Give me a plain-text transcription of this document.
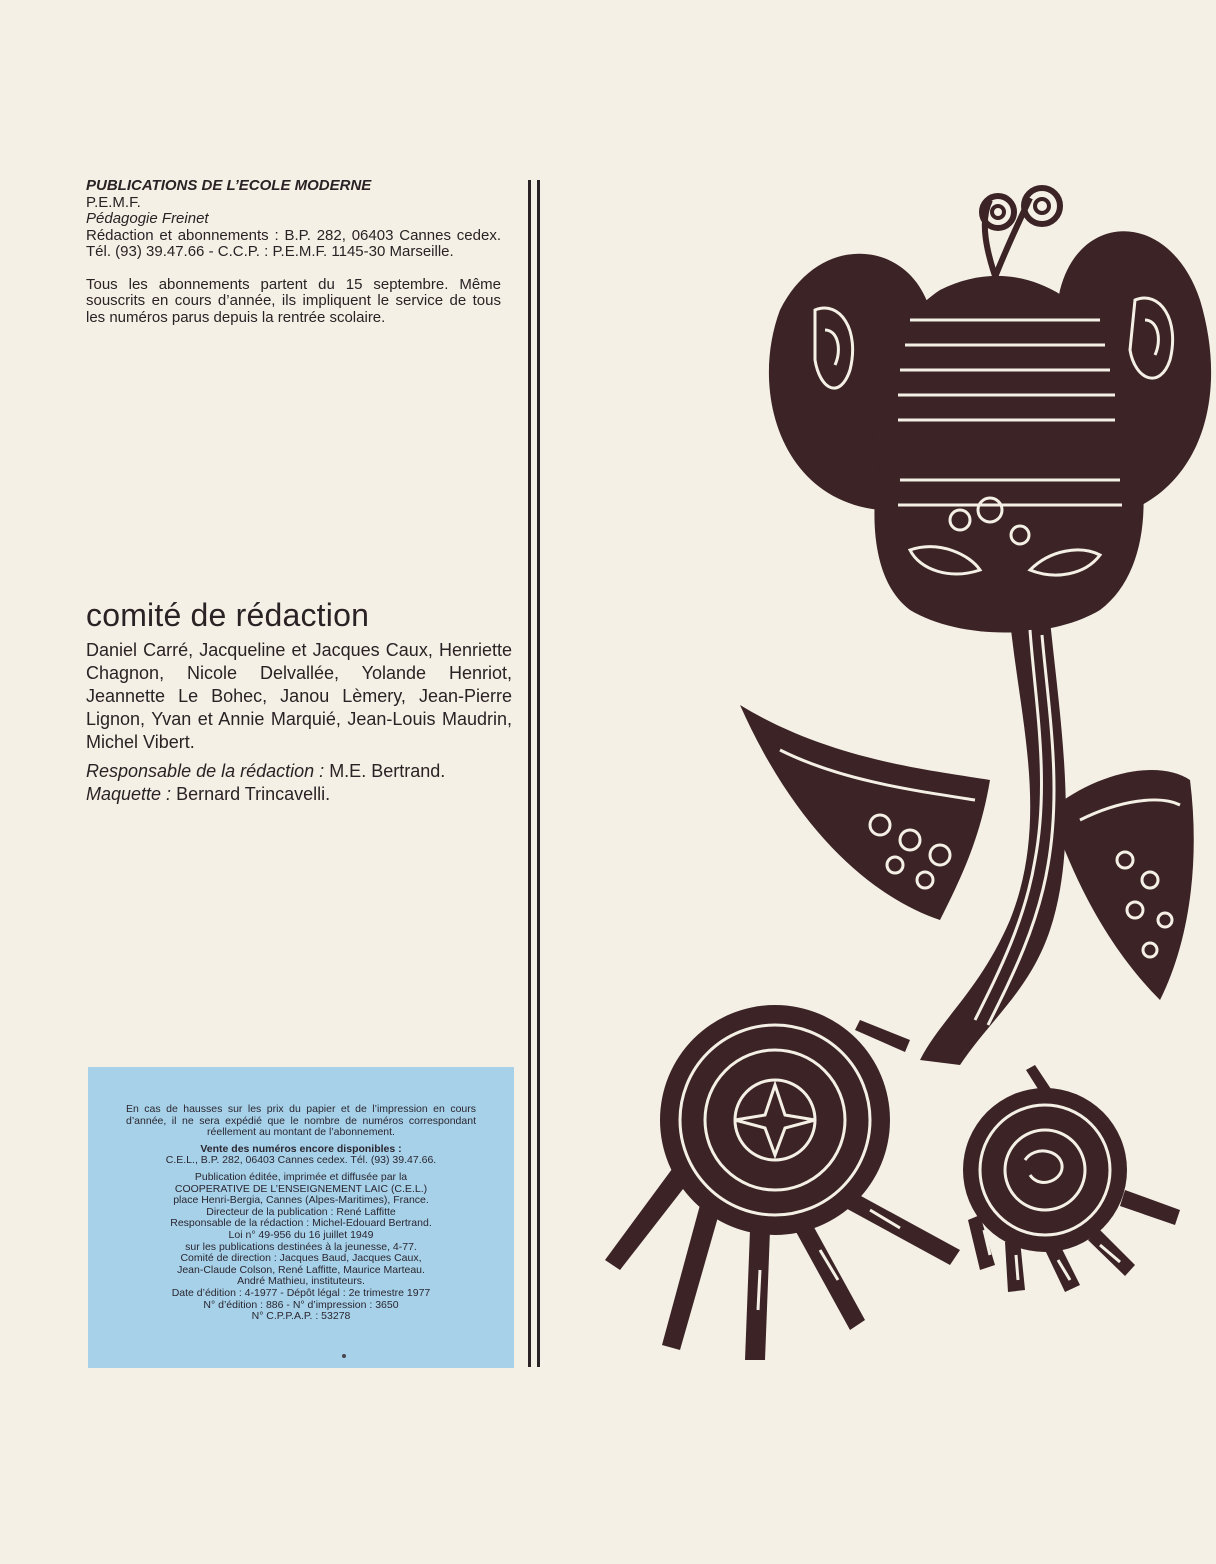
PUBLICATIONS DE L’ECOLE MODERNE
P.E.M.F.
Pédagogie Freinet

Rédaction et abonnements : B.P. 282, 06403 Cannes cedex. Tél. (93) 39.47.66 - C.C.P. : P.E.M.F. 1145-30 Marseille.

Tous les abonnements partent du 15 septembre. Même souscrits en cours d’année, ils impliquent le service de tous les numéros parus depuis la rentrée scolaire.

comité de rédaction

Daniel Carré, Jacqueline et Jacques Caux, Henriette Chagnon, Nicole Delvallée, Yolande Henriot, Jeannette Le Bohec, Janou Lèmery, Jean-Pierre Lignon, Yvan et Annie Marquié, Jean-Louis Maudrin, Michel Vibert.

Responsable de la rédaction : M.E. Bertrand.

Maquette : Bernard Trincavelli.

En cas de hausses sur les prix du papier et de l’impression en cours d’année, il ne sera expédié que le nombre de numéros correspondant réellement au montant de l’abonnement.

Vente des numéros encore disponibles :

C.E.L., B.P. 282, 06403 Cannes cedex. Tél. (93) 39.47.66.

Publication éditée, imprimée et diffusée par la

COOPERATIVE DE L’ENSEIGNEMENT LAIC (C.E.L.)

place Henri-Bergia, Cannes (Alpes-Maritimes), France.

Directeur de la publication : René Laffitte

Responsable de la rédaction : Michel-Edouard Bertrand.

Loi n° 49-956 du 16 juillet 1949

sur les publications destinées à la jeunesse, 4-77.

Comité de direction : Jacques Baud, Jacques Caux,

Jean-Claude Colson, René Laffitte, Maurice Marteau.

André Mathieu, instituteurs.

Date d’édition : 4-1977 - Dépôt légal : 2e trimestre 1977

N° d’édition : 886 - N° d’impression : 3650

N° C.P.P.A.P. : 53278
